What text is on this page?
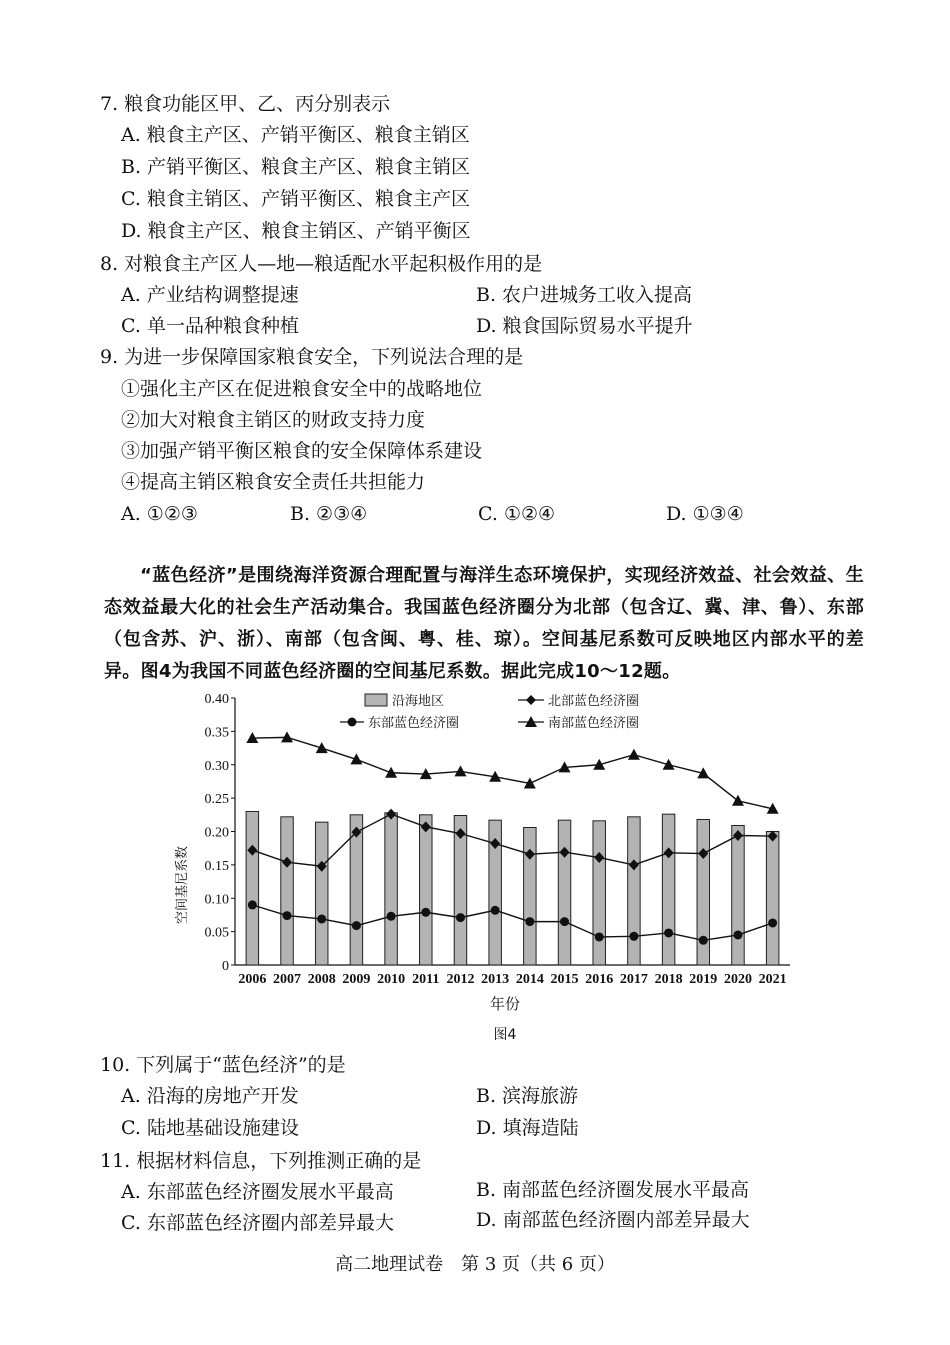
7. 粮食功能区甲、乙、丙分别表示
A. 粮食主产区、产销平衡区、粮食主销区
B. 产销平衡区、粮食主产区、粮食主销区
C. 粮食主销区、产销平衡区、粮食主产区
D. 粮食主产区、粮食主销区、产销平衡区
8. 对粮食主产区人—地—粮适配水平起积极作用的是
A. 产业结构调整提速	B. 农户进城务工收入提高
C. 单一品种粮食种植	D. 粮食国际贸易水平提升
9. 为进一步保障国家粮食安全，下列说法合理的是
①强化主产区在促进粮食安全中的战略地位
②加大对粮食主销区的财政支持力度
③加强产销平衡区粮食的安全保障体系建设
④提高主销区粮食安全责任共担能力
A. ①②③	B. ②③④	C. ①②④	D. ①③④
“蓝色经济”是围绕海洋资源合理配置与海洋生态环境保护，实现经济效益、社会效益、生态效益最大化的社会生产活动集合。我国蓝色经济圈分为北部（包含辽、冀、津、鲁）、东部（包含苏、沪、浙）、南部（包含闽、粤、桂、琼）。空间基尼系数可反映地区内部水平的差异。图4为我国不同蓝色经济圈的空间基尼系数。据此完成10～12题。
0
0.05
0.10
0.15
0.20
0.25
0.30
0.35
0.40
2006 2007 2008 2009 2010 2011 2012 2013 2014 2015 2016 2017 2018 2019 2020 2021
沿海地区	北部蓝色经济圈
东部蓝色经济圈	南部蓝色经济圈
空间基尼系数
年份
图4
10. 下列属于“蓝色经济”的是
A. 沿海的房地产开发	B. 滨海旅游
C. 陆地基础设施建设	D. 填海造陆
11. 根据材料信息，下列推测正确的是
A. 东部蓝色经济圈发展水平最高	B. 南部蓝色经济圈发展水平最高
C. 东部蓝色经济圈内部差异最大	D. 南部蓝色经济圈内部差异最大
高二地理试卷　第 3 页（共 6 页）
